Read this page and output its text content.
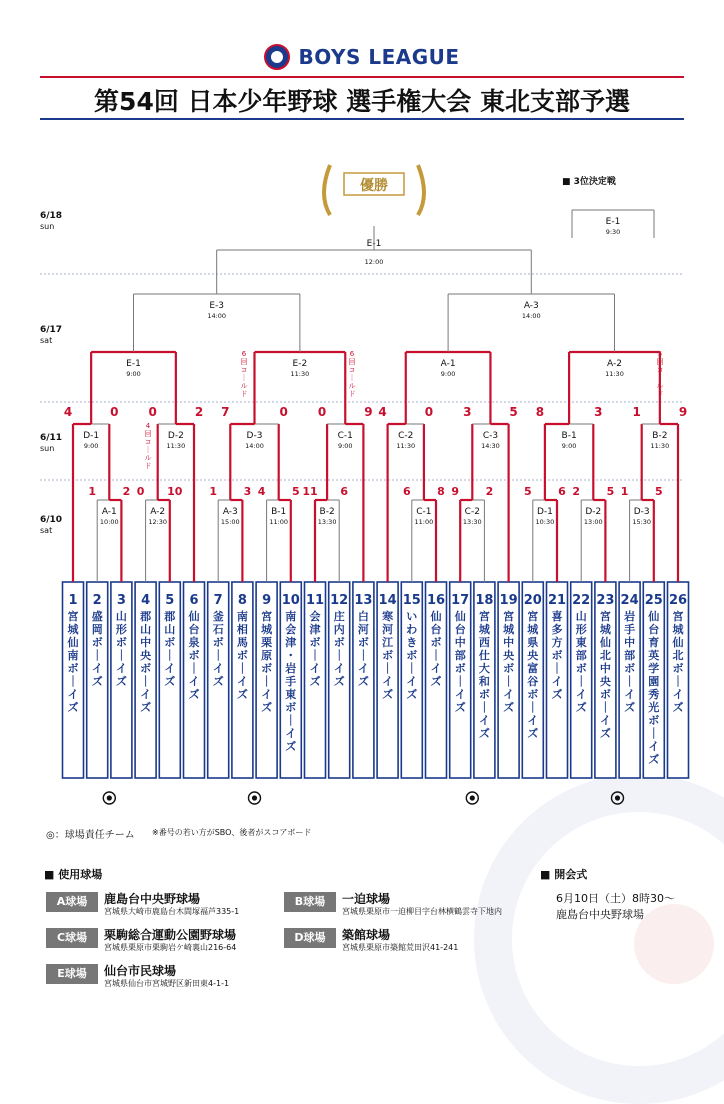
BOYS LEAGUE
第54回 日本少年野球 選手権大会 東北支部予選
6/18
sun
6/17
sat
6/11
sun
6/10
sat
1
宮
城
仙
南
ボ
｜
イ
ズ
2
盛
岡
ボ
｜
イ
ズ
3
山
形
ボ
｜
イ
ズ
4
郡
山
中
央
ボ
｜
イ
ズ
5
郡
山
ボ
｜
イ
ズ
6
仙
台
泉
ボ
｜
イ
ズ
7
釜
石
ボ
｜
イ
ズ
8
南
相
馬
ボ
｜
イ
ズ
9
宮
城
栗
原
ボ
｜
イ
ズ
10
南
会
津
・
岩
手
東
ボ
｜
イ
ズ
11
会
津
ボ
｜
イ
ズ
12
庄
内
ボ
｜
イ
ズ
13
白
河
ボ
｜
イ
ズ
14
寒
河
江
ボ
｜
イ
ズ
15
い
わ
き
ボ
｜
イ
ズ
16
仙
台
ボ
｜
イ
ズ
17
仙
台
中
部
ボ
｜
イ
ズ
18
宮
城
西
仕
大
和
ボ
｜
イ
ズ
19
宮
城
中
央
ボ
｜
イ
ズ
20
宮
城
県
央
富
谷
ボ
｜
イ
ズ
21
喜
多
方
ボ
｜
イ
ズ
22
山
形
東
部
ボ
｜
イ
ズ
23
宮
城
仙
北
中
央
ボ
｜
イ
ズ
24
岩
手
中
部
ボ
｜
イ
ズ
25
仙
台
育
英
学
園
秀
光
ボ
｜
イ
ズ
26
宮
城
仙
北
ボ
｜
イ
ズ
A-1
10:00
1 2
A-2
12:30
0 10
A-3
15:00
1 3
B-1
11:00
4 5
B-2
13:30
11 6
C-1
11:00
6 8
C-2
13:30
9 2
D-1
10:30
5 6
D-2
13:00
2 5
D-3
15:30
1 5
D-1
9:00
4	0
D-2
11:30
0	2
D-3
14:00
7	0
C-1
9:00
0	9
C-2
11:30
4	0
C-3
14:30
3	5
B-1
9:00
8	3
B-2
11:30
1	9
E-1
9:00
E-2
11:30
A-1
9:00
A-2
11:30
E-3
14:00
A-3
14:00
E-1
12:00
優勝	■ 3位決定戦
E-1
9:30
6
回
コ
｜
ル
ド
6
回
コ
｜
ル
ド
5
回
コ
｜
ル
ド
4
回
コ
｜
ル
ド
◎：球場責任チーム ※番号の若い方がSBO、後者がスコアボード
■ 使用球場
A球場	鹿島台中央野球場
宮城県大崎市鹿島台木間塚福芦335-1
B球場	一迫球場
宮城県栗原市一迫柳目字台林横鶴雲寺下地内
C球場	栗駒総合運動公園野球場
宮城県栗原市栗駒岩ケ崎裏山216-64
D球場	築館球場
宮城県栗原市築館荒田沢41-241
E球場	仙台市民球場
宮城県仙台市宮城野区新田東4-1-1
■ 開会式
6月10日（土）8時30～
鹿島台中央野球場
